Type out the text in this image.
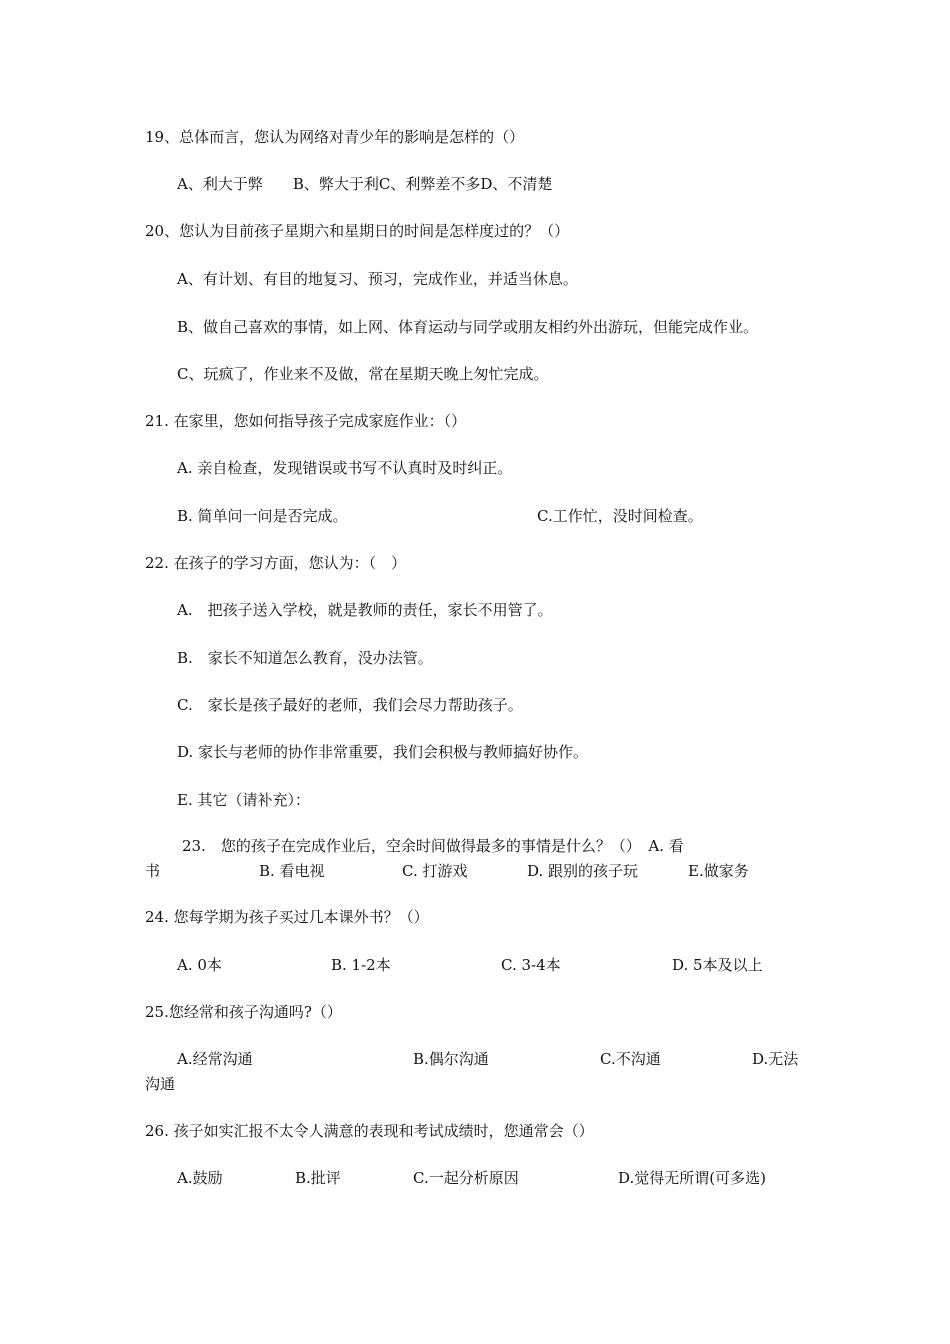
19、总体而言，您认为网络对青少年的影响是怎样的（）
A、利大于弊　　B、弊大于利C、利弊差不多D、不清楚
20、您认为目前孩子星期六和星期日的时间是怎样度过的？（）
A、有计划、有目的地复习、预习，完成作业，并适当休息。
B、做自己喜欢的事情，如上网、体育运动与同学或朋友相约外出游玩，但能完成作业。
C、玩疯了，作业来不及做，常在星期天晚上匆忙完成。
21. 在家里，您如何指导孩子完成家庭作业：（）
A. 亲自检查，发现错误或书写不认真时及时纠正。
B. 简单问一问是否完成。	C.工作忙，没时间检查。
22. 在孩子的学习方面，您认为：（　）
A.　把孩子送入学校，就是教师的责任，家长不用管了。
B.　家长不知道怎么教育，没办法管。
C.　家长是孩子最好的老师，我们会尽力帮助孩子。
D. 家长与老师的协作非常重要，我们会积极与教师搞好协作。
E. 其它（请补充）：
23.　您的孩子在完成作业后，空余时间做得最多的事情是什么？（）　A. 看
书	B. 看电视	C. 打游戏	D. 跟别的孩子玩	E.做家务
24. 您每学期为孩子买过几本课外书？（）
A. 0本	B. 1-2本	C. 3-4本	D. 5本及以上
25.您经常和孩子沟通吗?（）
A.经常沟通	B.偶尔沟通	C.不沟通	D.无法
沟通
26. 孩子如实汇报不太令人满意的表现和考试成绩时，您通常会（）
A.鼓励	B.批评	C.一起分析原因	D.觉得无所谓(可多选)
